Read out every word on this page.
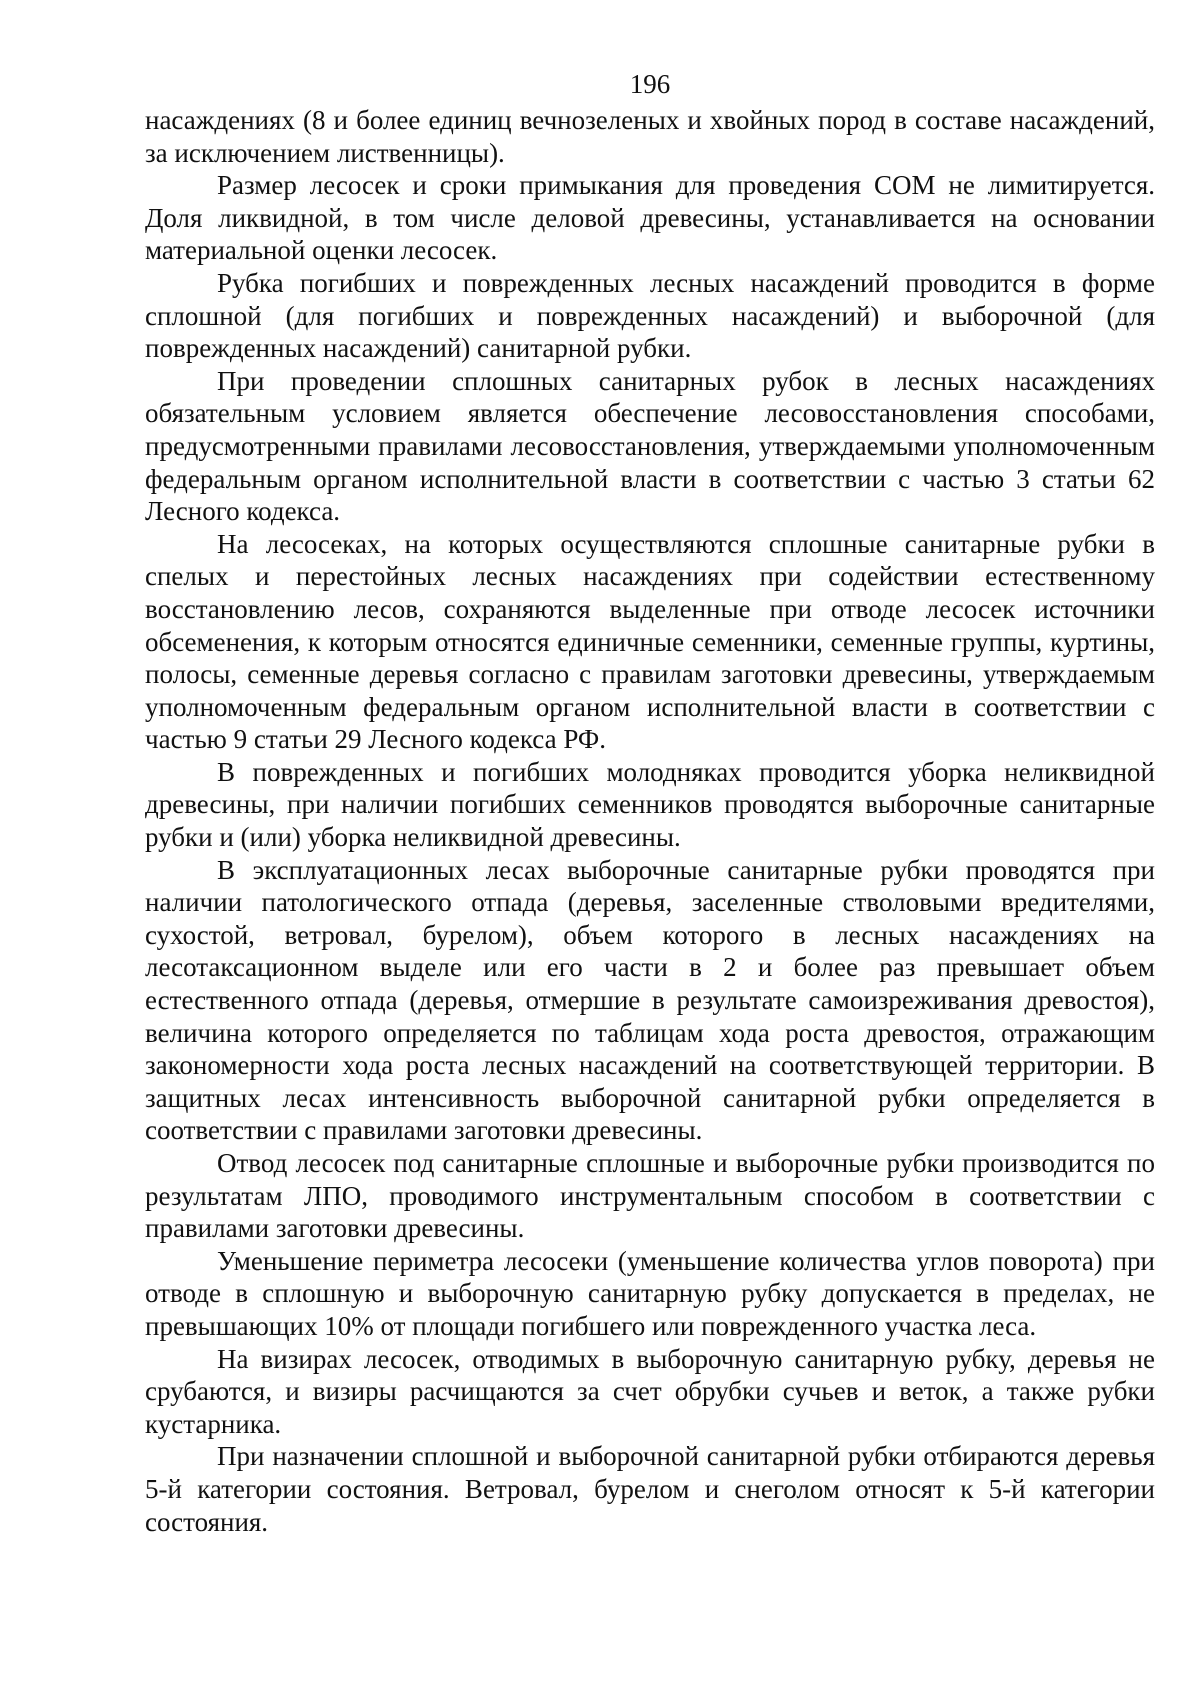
196

насаждениях (8 и более единиц вечнозеленых и хвойных пород в составе насаждений, за исключением лиственницы).

Размер лесосек и сроки примыкания для проведения СОМ не лимитируется. Доля ликвидной, в том числе деловой древесины, устанавливается на основании материальной оценки лесосек.

Рубка погибших и поврежденных лесных насаждений проводится в форме сплошной (для погибших и поврежденных насаждений) и выборочной (для поврежденных насаждений) санитарной рубки.

При проведении сплошных санитарных рубок в лесных насаждениях обязательным условием является обеспечение лесовосстановления способами, предусмотренными правилами лесовосстановления, утверждаемыми уполномоченным федеральным органом исполнительной власти в соответствии с частью 3 статьи 62 Лесного кодекса.

На лесосеках, на которых осуществляются сплошные санитарные рубки в спелых и перестойных лесных насаждениях при содействии естественному восстановлению лесов, сохраняются выделенные при отводе лесосек источники обсеменения, к которым относятся единичные семенники, семенные группы, куртины, полосы, семенные деревья согласно с правилам заготовки древесины, утверждаемым уполномоченным федеральным органом исполнительной власти в соответствии с частью 9 статьи 29 Лесного кодекса РФ.

В поврежденных и погибших молодняках проводится уборка неликвидной древесины, при наличии погибших семенников проводятся выборочные санитарные рубки и (или) уборка неликвидной древесины.

В эксплуатационных лесах выборочные санитарные рубки проводятся при наличии патологического отпада (деревья, заселенные стволовыми вредителями, сухостой, ветровал, бурелом), объем которого в лесных насаждениях на лесотаксационном выделе или его части в 2 и более раз превышает объем естественного отпада (деревья, отмершие в результате самоизреживания древостоя), величина которого определяется по таблицам хода роста древостоя, отражающим закономерности хода роста лесных насаждений на соответствующей территории. В защитных лесах интенсивность выборочной санитарной рубки определяется в соответствии с правилами заготовки древесины.

Отвод лесосек под санитарные сплошные и выборочные рубки производится по результатам ЛПО, проводимого инструментальным способом в соответствии с правилами заготовки древесины.

Уменьшение периметра лесосеки (уменьшение количества углов поворота) при отводе в сплошную и выборочную санитарную рубку допускается в пределах, не превышающих 10% от площади погибшего или поврежденного участка леса.

На визирах лесосек, отводимых в выборочную санитарную рубку, деревья не срубаются, и визиры расчищаются за счет обрубки сучьев и веток, а также рубки кустарника.

При назначении сплошной и выборочной санитарной рубки отбираются деревья 5-й категории состояния. Ветровал, бурелом и снеголом относят к 5-й категории состояния.
